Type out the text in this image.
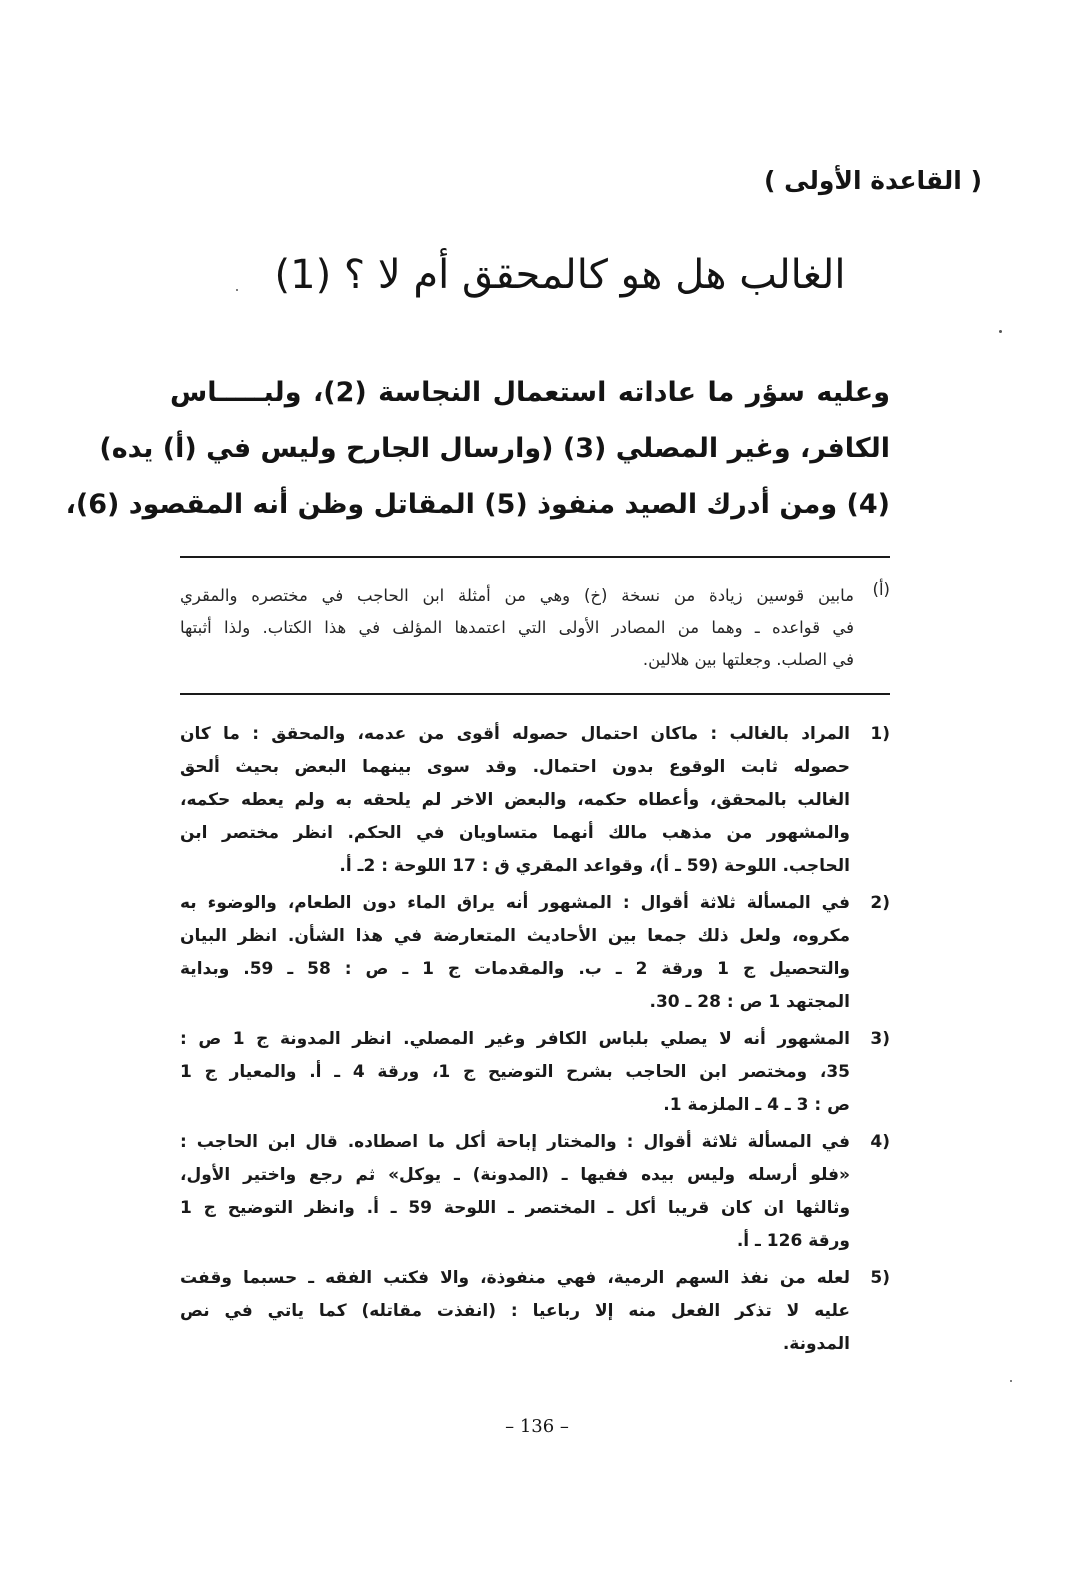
( القاعدة الأولى )
الغالب هل هو كالمحقق أم لا ؟ (1)
وعليه سؤر ما عاداته استعمال النجاسة (2)، ولبـــــاس
الكافر، وغير المصلي (3) (وارسال الجارح وليس في (أ) يده)
(4) ومن أدرك الصيد منفوذ (5) المقاتل وظن أنه المقصود (6)،
(أ)
مابين قوسين زيادة من نسخة (خ) وهي من أمثلة ابن الحاجب في مختصره والمقري
في قواعده ـ وهما من المصادر الأولى التي اعتمدها المؤلف في هذا الكتاب. ولذا أثبتها
في الصلب. وجعلتها بين هلالين.
1)
المراد بالغالب : ماكان احتمال حصوله أقوى من عدمه، والمحقق : ما كان
حصوله ثابت الوقوع بدون احتمال. وقد سوى بينهما البعض بحيث ألحق
الغالب بالمحقق، وأعطاه حكمه، والبعض الاخر لم يلحقه به ولم يعطه حكمه،
والمشهور من مذهب مالك أنهما متساويان في الحكم. انظر مختصر ابن
الحاجب. اللوحة (59 ـ أ)، وقواعد المقري ق : 17 اللوحة : 2ـ أ.
2)
في المسألة ثلاثة أقوال : المشهور أنه يراق الماء دون الطعام، والوضوء به
مكروه، ولعل ذلك جمعا بين الأحاديث المتعارضة في هذا الشأن. انظر البيان
والتحصيل ج 1 ورقة 2 ـ ب. والمقدمات ج 1 ـ ص : 58 ـ 59. وبداية
المجتهد 1 ص : 28 ـ 30.
3)
المشهور أنه لا يصلي بلباس الكافر وغير المصلي. انظر المدونة ج 1 ص :
35، ومختصر ابن الحاجب بشرح التوضيح ج 1، ورقة 4 ـ أ. والمعيار ج 1
ص : 3 ـ 4 ـ الملزمة 1.
4)
في المسألة ثلاثة أقوال : والمختار إباحة أكل ما اصطاده. قال ابن الحاجب :
«فلو أرسله وليس بيده ففيها ـ (المدونة) ـ يوكل» ثم رجع واختير الأول،
وثالثها ان كان قريبا أكل ـ المختصر ـ اللوحة 59 ـ أ. وانظر التوضيح ج 1
ورقة 126 ـ أ.
5)
لعله من نفذ السهم الرمية، فهي منفوذة، والا فكتب الفقه ـ حسبما وقفت
عليه لا تذكر الفعل منه إلا رباعيا : (انفذت مقاتله) كما ياتي في نص
المدونة.
– 136 –
